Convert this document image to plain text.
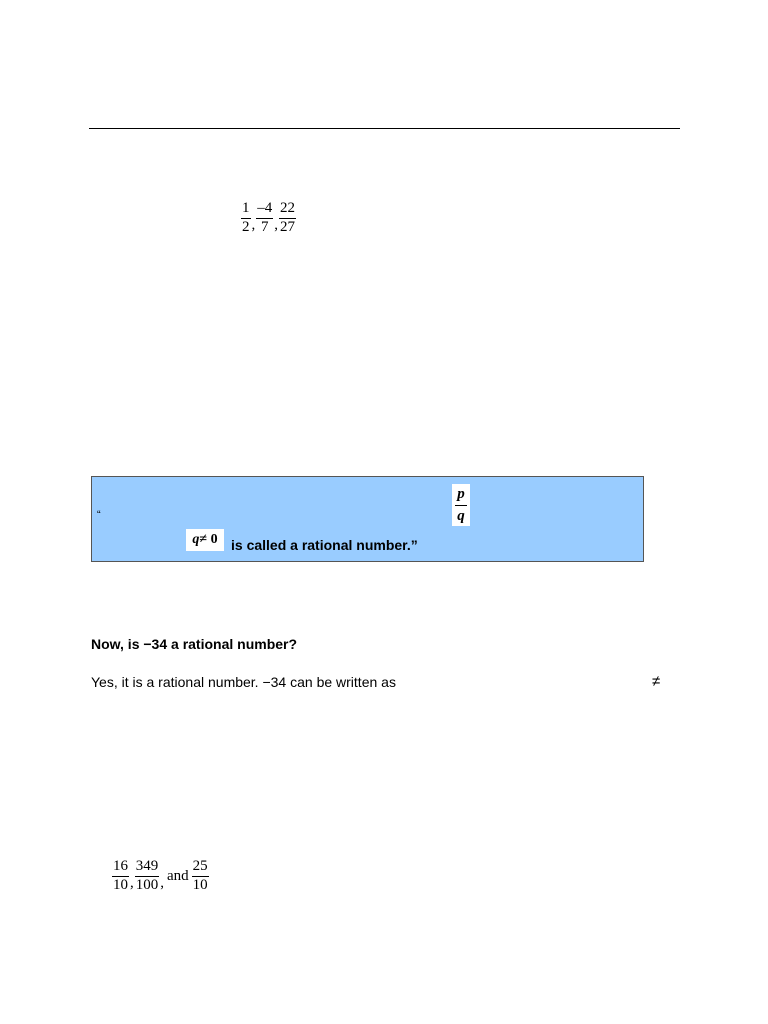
$\frac{1}{2}$ , $\frac{-4}{7}$ , $\frac{22}{27}$
“
p
q
q ≠ 0 is called a rational number.”
Now, is −34 a rational number?
Yes, it is a rational number. −34 can be written as	≠
$\frac{16}{10}$ , $\frac{349}{100}$ , and $\frac{25}{10}$
